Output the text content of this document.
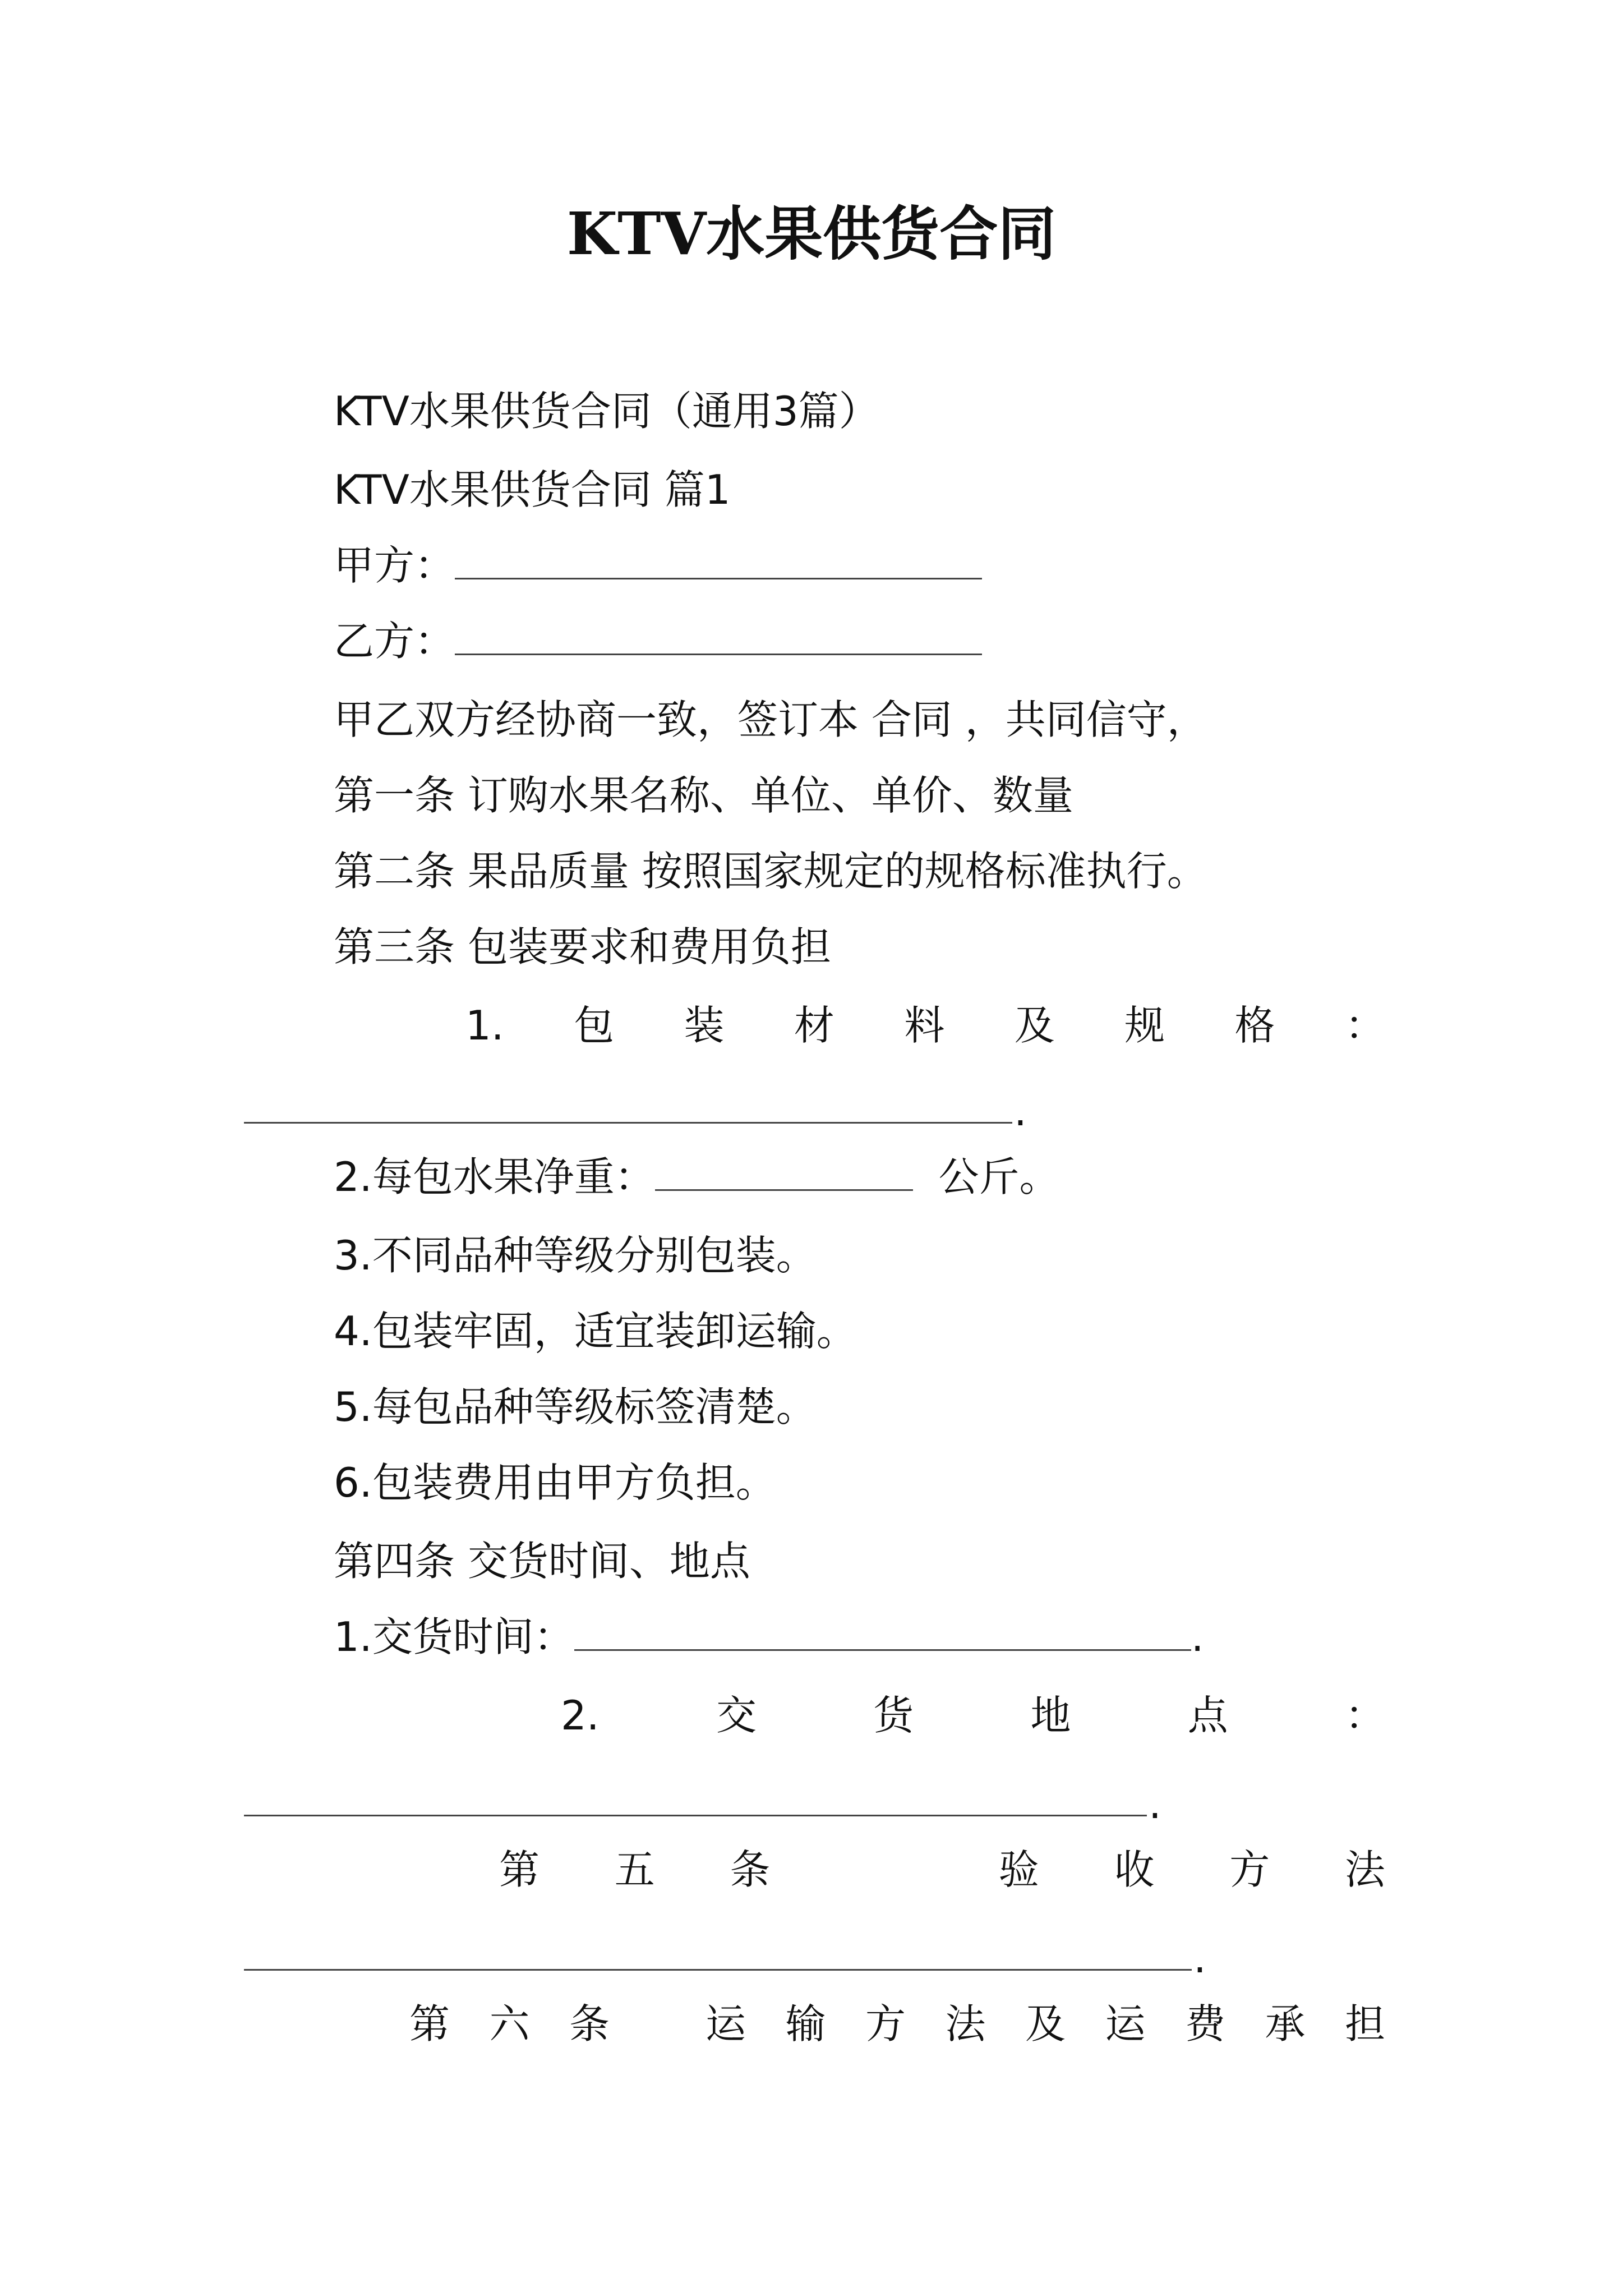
KTV水果供货合同

KTV水果供货合同（通用3篇）

KTV水果供货合同 篇1

甲方：

乙方：

甲乙双方经协商一致，签订本 合同 ，共同信守，

第一条 订购水果名称、单位、单价、数量

第二条 果品质量 按照国家规定的规格标准执行。

第三条 包装要求和费用负担

1. 包 装 材 料 及 规 格 ：
.

2.每包水果净重：	公斤。

3.不同品种等级分别包装。

4.包装牢固，适宜装卸运输。

5.每包品种等级标签清楚。

6.包装费用由甲方负担。

第四条 交货时间、地点

1.交货时间：	.

2.	交	货	地	点	：
.
第 五 条	验 收 方 法
.
第 六 条 运 输 方 法 及 运 费 承 担
